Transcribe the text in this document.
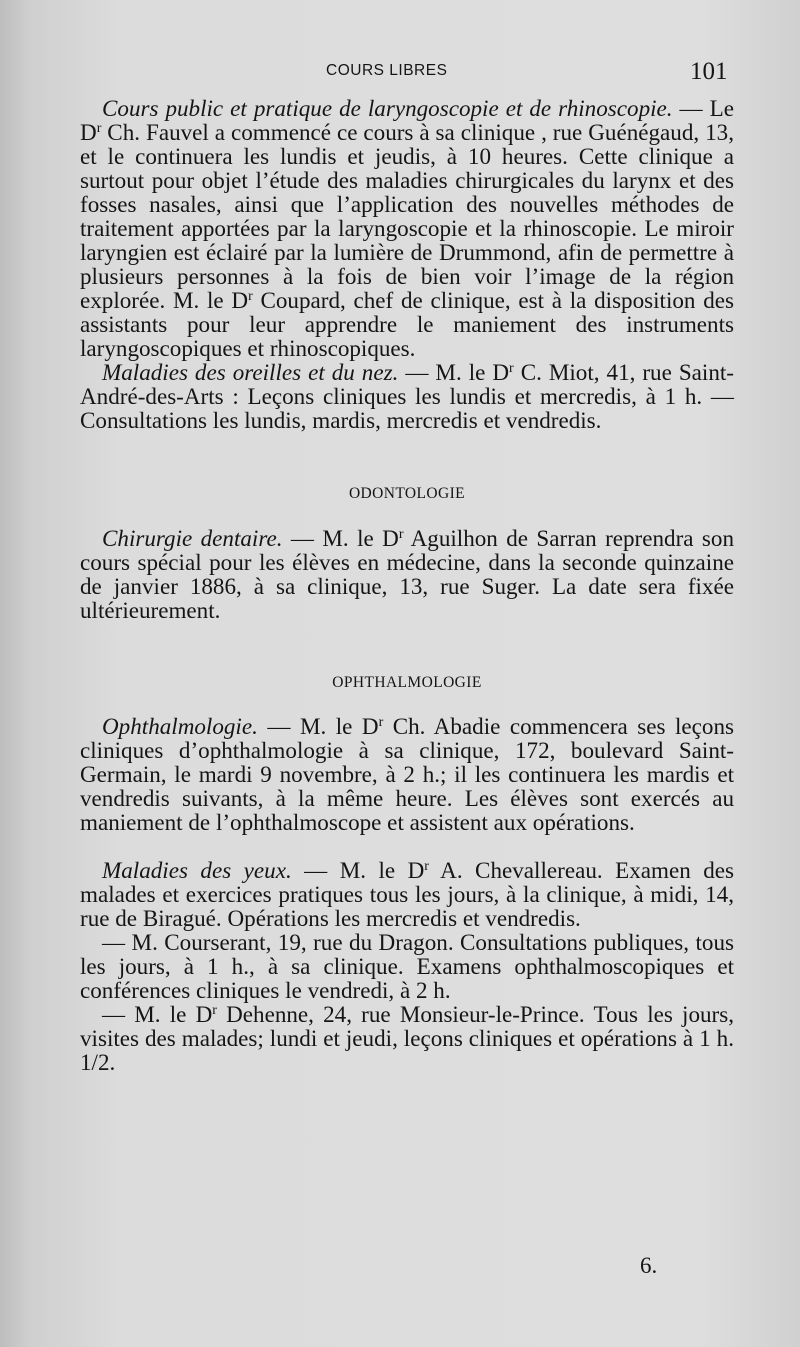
COURS LIBRES	101

Cours public et pratique de laryngoscopie et de rhinoscopie. — Le $D^r$ Ch. Fauvel a commencé ce cours à sa clinique , rue Guénégaud, 13, et le continuera les lundis et jeudis, à 10 heures. Cette clinique a surtout pour objet l’étude des maladies chirurgicales du larynx et des fosses nasales, ainsi que l’application des nouvelles méthodes de traitement apportées par la laryngoscopie et la rhinoscopie. Le miroir laryngien est éclairé par la lumière de Drummond, afin de permettre à plusieurs personnes à la fois de bien voir l’image de la région explorée. M. le $D^r$ Coupard, chef de clinique, est à la disposition des assistants pour leur apprendre le maniement des instruments laryngoscopiques et rhinoscopiques.

Maladies des oreilles et du nez. — M. le $D^r$ C. Miot, 41, rue Saint-André-des-Arts : Leçons cliniques les lundis et mercredis, à 1 h. — Consultations les lundis, mardis, mercredis et vendredis.

ODONTOLOGIE

Chirurgie dentaire. — M. le $D^r$ Aguilhon de Sarran reprendra son cours spécial pour les élèves en médecine, dans la seconde quinzaine de janvier 1886, à sa clinique, 13, rue Suger. La date sera fixée ultérieurement.

OPHTHALMOLOGIE

Ophthalmologie. — M. le $D^r$ Ch. Abadie commencera ses leçons cliniques d’ophthalmologie à sa clinique, 172, boulevard Saint-Germain, le mardi 9 novembre, à 2 h.; il les continuera les mardis et vendredis suivants, à la même heure. Les élèves sont exercés au maniement de l’ophthalmoscope et assistent aux opérations.

Maladies des yeux. — M. le $D^r$ A. Chevallereau. Examen des malades et exercices pratiques tous les jours, à la clinique, à midi, 14, rue de Biragué. Opérations les mercredis et vendredis.

— M. Courserant, 19, rue du Dragon. Consultations publiques, tous les jours, à 1 h., à sa clinique. Examens ophthalmoscopiques et conférences cliniques le vendredi, à 2 h.

— M. le $D^r$ Dehenne, 24, rue Monsieur-le-Prince. Tous les jours, visites des malades; lundi et jeudi, leçons cliniques et opérations à 1 h. 1/2.

6.
